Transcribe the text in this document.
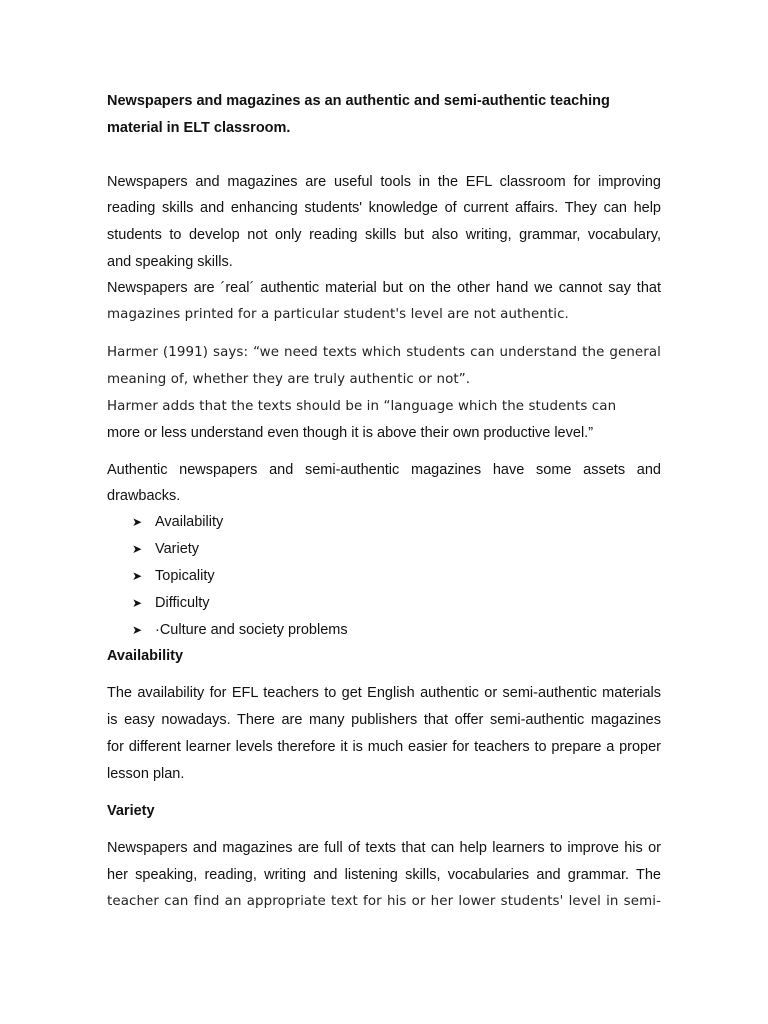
Newspapers and magazines as an authentic and semi-authentic teaching
material in ELT classroom.
Newspapers and magazines are useful tools in the EFL classroom for improving
reading skills and enhancing students' knowledge of current affairs. They can help
students to develop not only reading skills but also writing, grammar, vocabulary,
and speaking skills.
Newspapers are ´real´ authentic material but on the other hand we cannot say that
magazines printed for a particular student's level are not authentic.
Harmer (1991) says: “we need texts which students can understand the general
meaning of, whether they are truly authentic or not”.
Harmer adds that the texts should be in “language which the students can
more or less understand even though it is above their own productive level.”
Authentic newspapers and semi-authentic magazines have some assets and
drawbacks.
➤ Availability
➤ Variety
➤ Topicality
➤ Difficulty
➤ ·Culture and society problems
Availability
The availability for EFL teachers to get English authentic or semi-authentic materials
is easy nowadays. There are many publishers that offer semi-authentic magazines
for different learner levels therefore it is much easier for teachers to prepare a proper
lesson plan.
Variety
Newspapers and magazines are full of texts that can help learners to improve his or
her speaking, reading, writing and listening skills, vocabularies and grammar. The
teacher can find an appropriate text for his or her lower students' level in semi-
